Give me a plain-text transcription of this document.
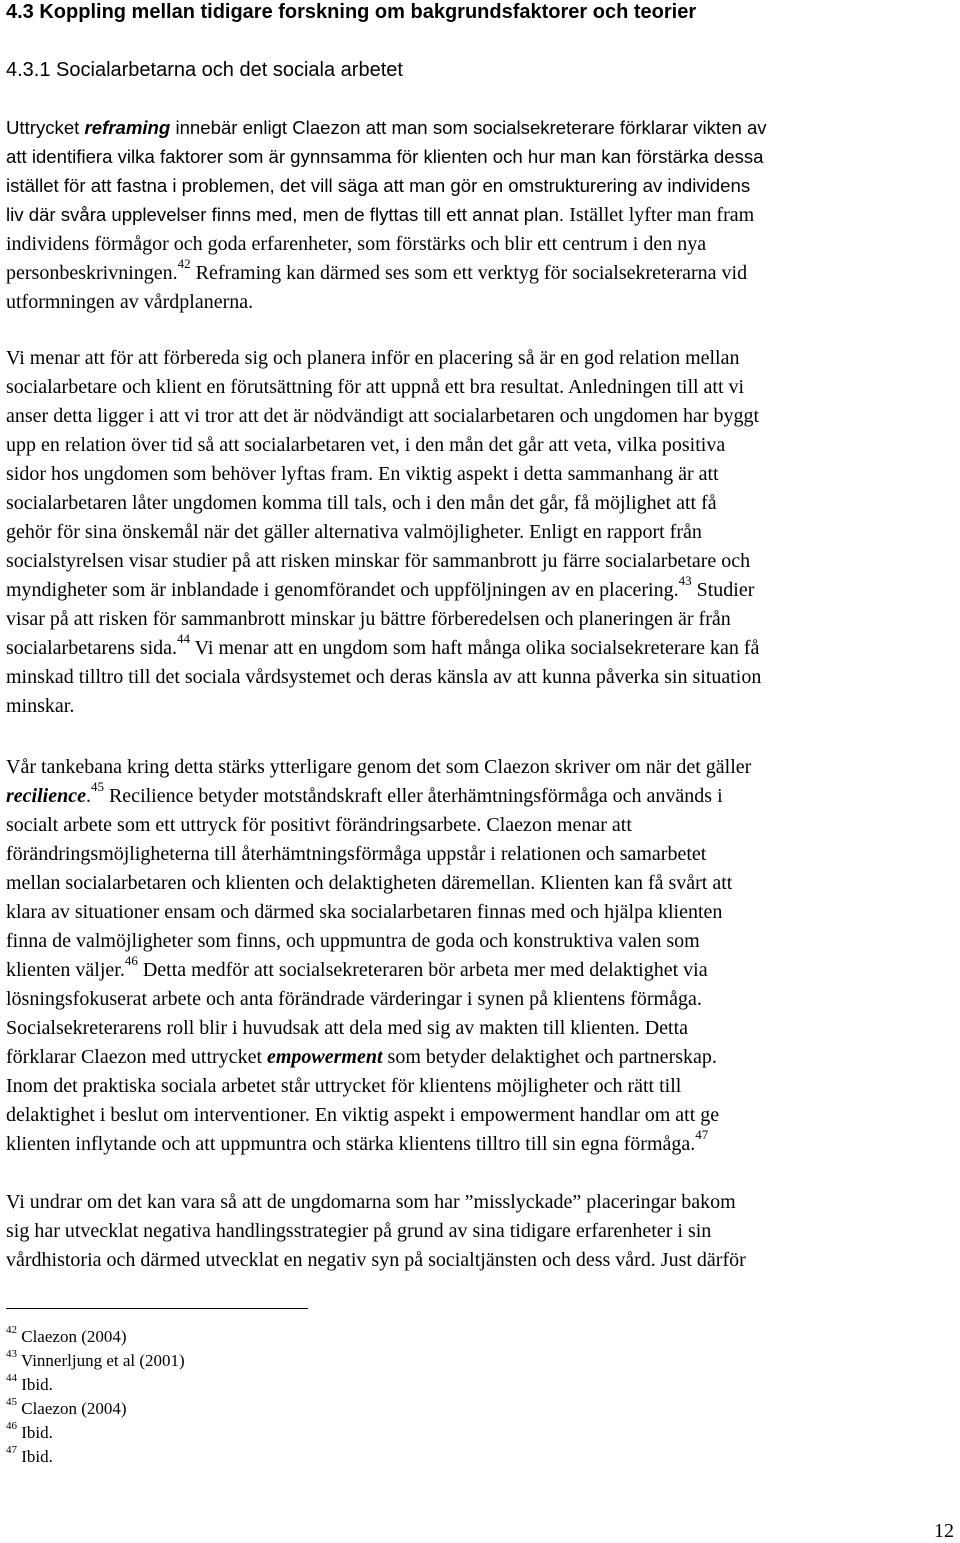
4.3 Koppling mellan tidigare forskning om bakgrundsfaktorer och teorier
4.3.1 Socialarbetarna och det sociala arbetet

Uttrycket reframing innebär enligt Claezon att man som socialsekreterare förklarar vikten av
att identifiera vilka faktorer som är gynnsamma för klienten och hur man kan förstärka dessa
istället för att fastna i problemen, det vill säga att man gör en omstrukturering av individens
liv där svåra upplevelser finns med, men de flyttas till ett annat plan. Istället lyfter man fram
individens förmågor och goda erfarenheter, som förstärks och blir ett centrum i den nya
personbeskrivningen.$^{42}$ Reframing kan därmed ses som ett verktyg för socialsekreterarna vid
utformningen av vårdplanerna.

Vi menar att för att förbereda sig och planera inför en placering så är en god relation mellan
socialarbetare och klient en förutsättning för att uppnå ett bra resultat. Anledningen till att vi
anser detta ligger i att vi tror att det är nödvändigt att socialarbetaren och ungdomen har byggt
upp en relation över tid så att socialarbetaren vet, i den mån det går att veta, vilka positiva
sidor hos ungdomen som behöver lyftas fram. En viktig aspekt i detta sammanhang är att
socialarbetaren låter ungdomen komma till tals, och i den mån det går, få möjlighet att få
gehör för sina önskemål när det gäller alternativa valmöjligheter. Enligt en rapport från
socialstyrelsen visar studier på att risken minskar för sammanbrott ju färre socialarbetare och
myndigheter som är inblandade i genomförandet och uppföljningen av en placering.$^{43}$ Studier
visar på att risken för sammanbrott minskar ju bättre förberedelsen och planeringen är från
socialarbetarens sida.$^{44}$ Vi menar att en ungdom som haft många olika socialsekreterare kan få
minskad tilltro till det sociala vårdsystemet och deras känsla av att kunna påverka sin situation
minskar.

Vår tankebana kring detta stärks ytterligare genom det som Claezon skriver om när det gäller
recilience.$^{45}$ Recilience betyder motståndskraft eller återhämtningsförmåga och används i
socialt arbete som ett uttryck för positivt förändringsarbete. Claezon menar att
förändringsmöjligheterna till återhämtningsförmåga uppstår i relationen och samarbetet
mellan socialarbetaren och klienten och delaktigheten däremellan. Klienten kan få svårt att
klara av situationer ensam och därmed ska socialarbetaren finnas med och hjälpa klienten
finna de valmöjligheter som finns, och uppmuntra de goda och konstruktiva valen som
klienten väljer.$^{46}$ Detta medför att socialsekreteraren bör arbeta mer med delaktighet via
lösningsfokuserat arbete och anta förändrade värderingar i synen på klientens förmåga.
Socialsekreterarens roll blir i huvudsak att dela med sig av makten till klienten. Detta
förklarar Claezon med uttrycket empowerment som betyder delaktighet och partnerskap.
Inom det praktiska sociala arbetet står uttrycket för klientens möjligheter och rätt till
delaktighet i beslut om interventioner. En viktig aspekt i empowerment handlar om att ge
klienten inflytande och att uppmuntra och stärka klientens tilltro till sin egna förmåga.$^{47}$

Vi undrar om det kan vara så att de ungdomarna som har ”misslyckade” placeringar bakom
sig har utvecklat negativa handlingsstrategier på grund av sina tidigare erfarenheter i sin
vårdhistoria och därmed utvecklat en negativ syn på socialtjänsten och dess vård. Just därför

$^{42}$ Claezon (2004)
$^{43}$ Vinnerljung et al (2001)
$^{44}$ Ibid.
$^{45}$ Claezon (2004)
$^{46}$ Ibid.
$^{47}$ Ibid.
12
